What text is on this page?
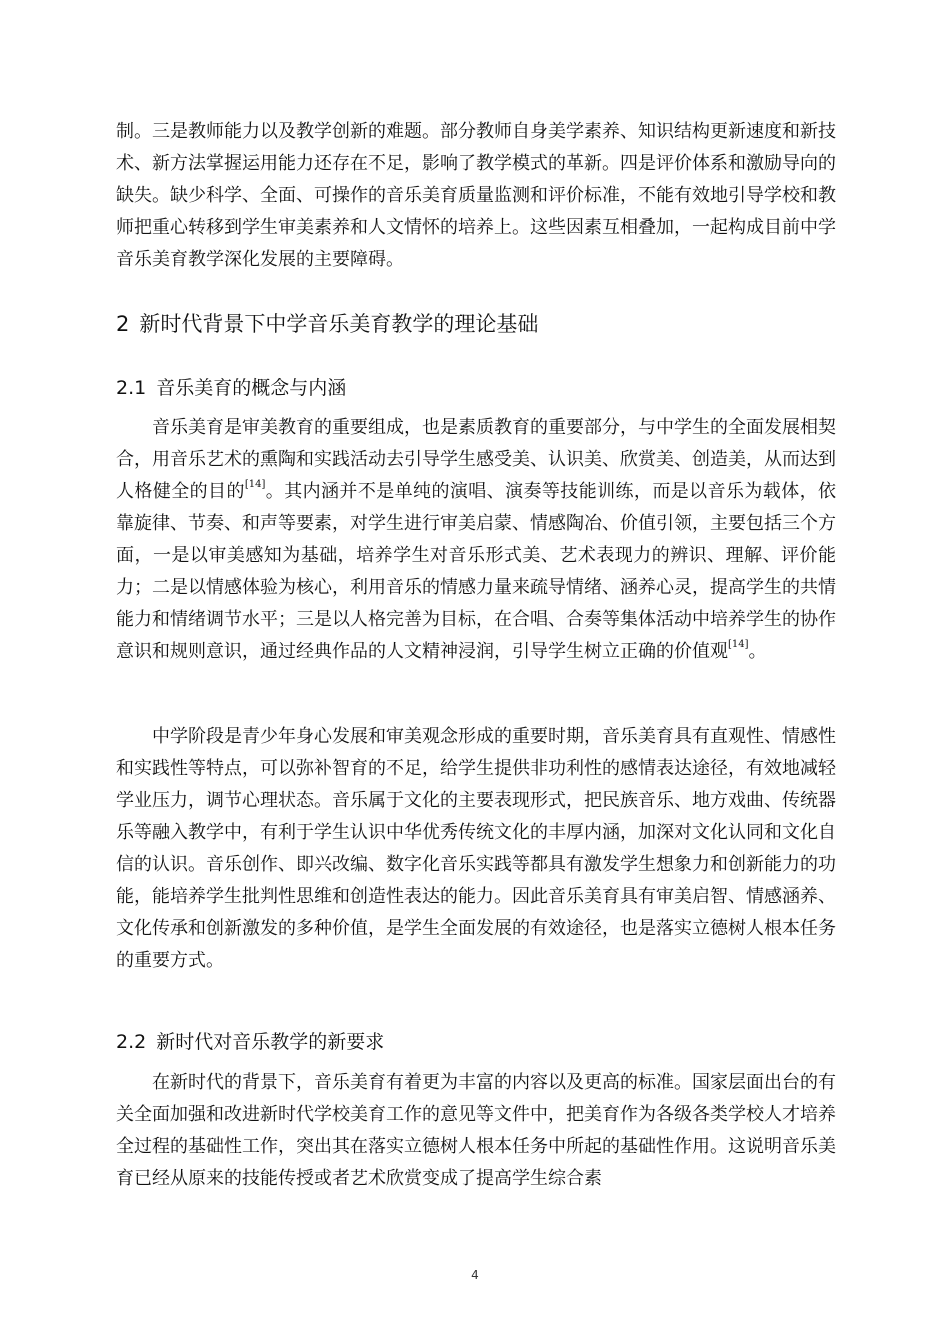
制。三是教师能力以及教学创新的难题。部分教师自身美学素养、知识结构更新速度和新技术、新方法掌握运用能力还存在不足，影响了教学模式的革新。四是评价体系和激励导向的缺失。缺少科学、全面、可操作的音乐美育质量监测和评价标准，不能有效地引导学校和教师把重心转移到学生审美素养和人文情怀的培养上。这些因素互相叠加，一起构成目前中学音乐美育教学深化发展的主要障碍。

2 新时代背景下中学音乐美育教学的理论基础
2.1 音乐美育的概念与内涵

音乐美育是审美教育的重要组成，也是素质教育的重要部分，与中学生的全面发展相契合，用音乐艺术的熏陶和实践活动去引导学生感受美、认识美、欣赏美、创造美，从而达到人格健全的目的[14]。其内涵并不是单纯的演唱、演奏等技能训练，而是以音乐为载体，依靠旋律、节奏、和声等要素，对学生进行审美启蒙、情感陶冶、价值引领，主要包括三个方面，一是以审美感知为基础，培养学生对音乐形式美、艺术表现力的辨识、理解、评价能力；二是以情感体验为核心，利用音乐的情感力量来疏导情绪、涵养心灵，提高学生的共情能力和情绪调节水平；三是以人格完善为目标，在合唱、合奏等集体活动中培养学生的协作意识和规则意识，通过经典作品的人文精神浸润，引导学生树立正确的价值观[14]。

中学阶段是青少年身心发展和审美观念形成的重要时期，音乐美育具有直观性、情感性和实践性等特点，可以弥补智育的不足，给学生提供非功利性的感情表达途径，有效地减轻学业压力，调节心理状态。音乐属于文化的主要表现形式，把民族音乐、地方戏曲、传统器乐等融入教学中，有利于学生认识中华优秀传统文化的丰厚内涵，加深对文化认同和文化自信的认识。音乐创作、即兴改编、数字化音乐实践等都具有激发学生想象力和创新能力的功能，能培养学生批判性思维和创造性表达的能力。因此音乐美育具有审美启智、情感涵养、文化传承和创新激发的多种价值，是学生全面发展的有效途径，也是落实立德树人根本任务的重要方式。

2.2 新时代对音乐教学的新要求

在新时代的背景下，音乐美育有着更为丰富的内容以及更高的标准。国家层面出台的有关全面加强和改进新时代学校美育工作的意见等文件中，把美育作为各级各类学校人才培养全过程的基础性工作，突出其在落实立德树人根本任务中所起的基础性作用。这说明音乐美育已经从原来的技能传授或者艺术欣赏变成了提高学生综合素

4
